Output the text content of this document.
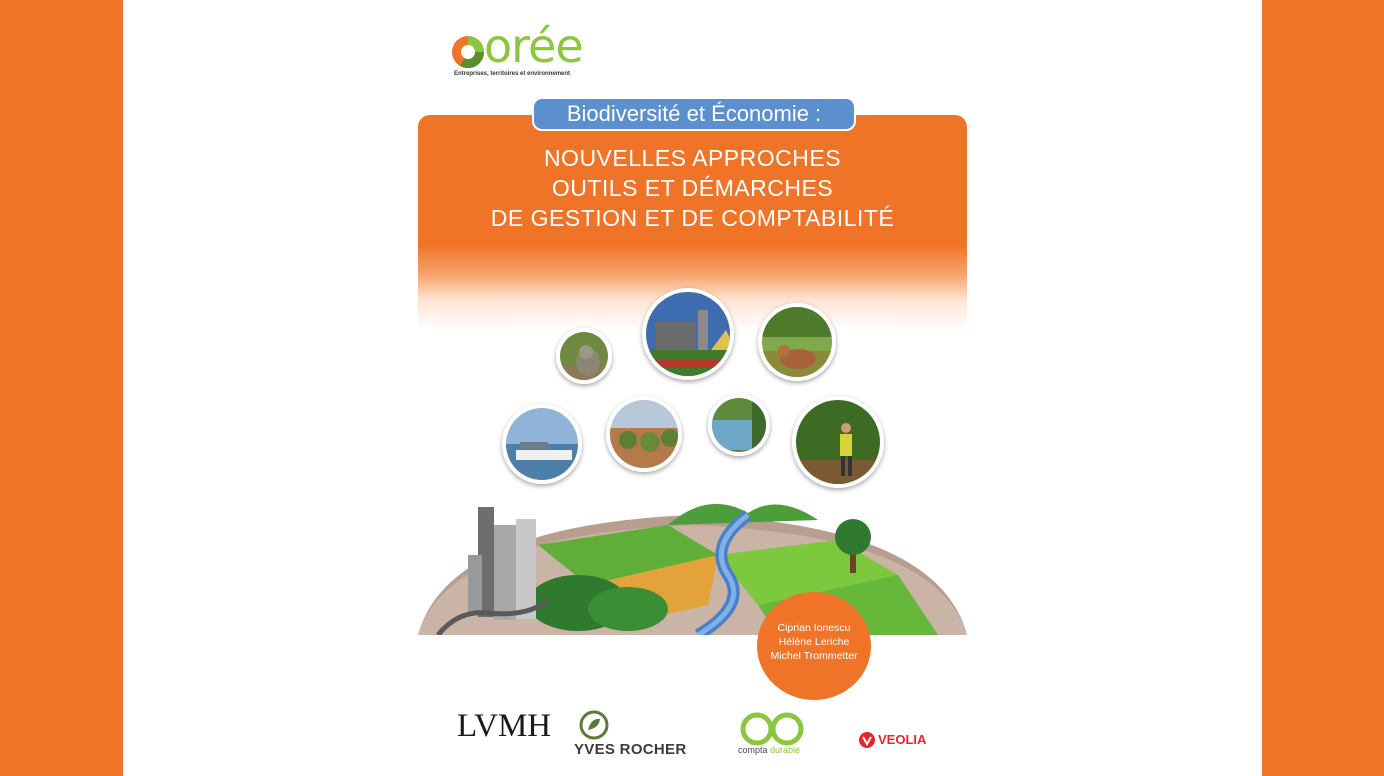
orée
Entreprises, territoires et environnement
Biodiversité et Économie :
NOUVELLES APPROCHES
OUTILS ET DÉMARCHES
DE GESTION ET DE COMPTABILITÉ
Ciprian Ionescu
Hélène Leriche
Michel Trommetter
LVMH
YVES ROCHER	compta durable
VEOLIA
